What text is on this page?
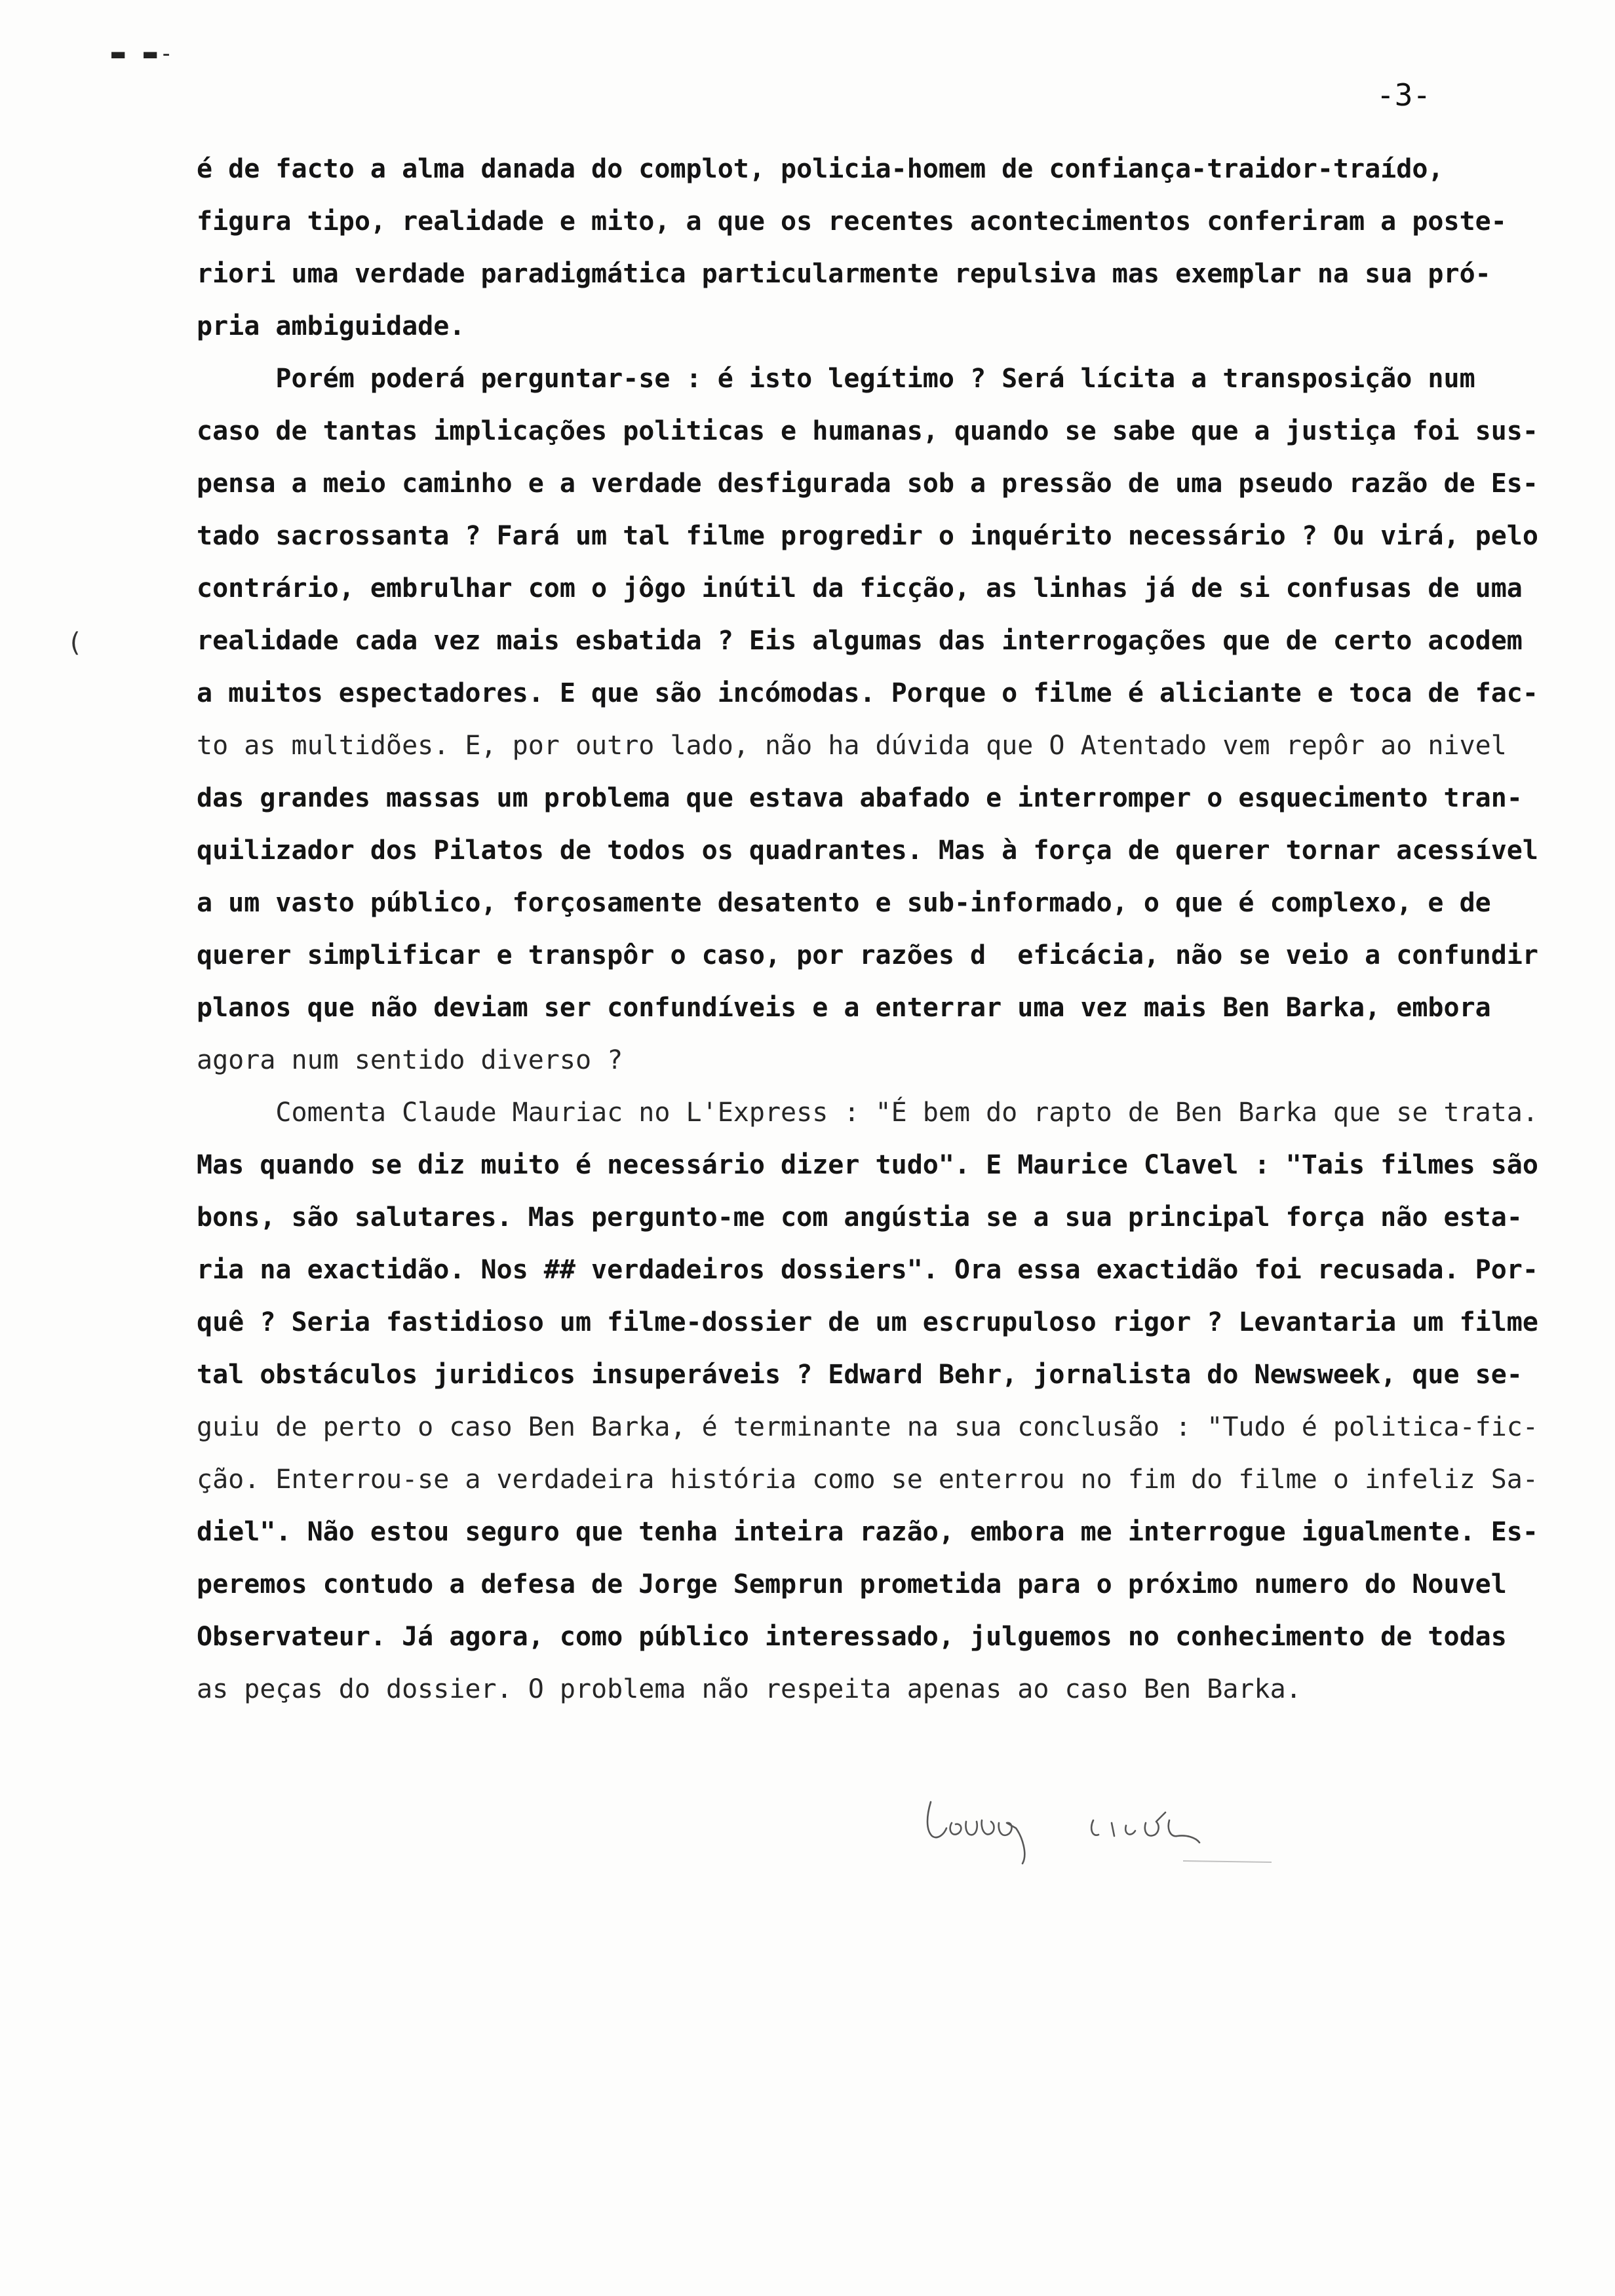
▬ ▬-
-3-
(
é de facto a alma danada do complot, policia-homem de confiança-traidor-traído,
figura tipo, realidade e mito, a que os recentes acontecimentos conferiram a poste-
riori uma verdade paradigmática particularmente repulsiva mas exemplar na sua pró-
pria ambiguidade.
Porém poderá perguntar-se : é isto legítimo ? Será lícita a transposição num
caso de tantas implicações politicas e humanas, quando se sabe que a justiça foi sus-
pensa a meio caminho e a verdade desfigurada sob a pressão de uma pseudo razão de Es-
tado sacrossanta ? Fará um tal filme progredir o inquérito necessário ? Ou virá, pelo
contrário, embrulhar com o jôgo inútil da ficção, as linhas já de si confusas de uma
realidade cada vez mais esbatida ? Eis algumas das interrogações que de certo acodem
a muitos espectadores. E que são incómodas. Porque o filme é aliciante e toca de fac-
to as multidões. E, por outro lado, não ha dúvida que O Atentado vem repôr ao nivel
das grandes massas um problema que estava abafado e interromper o esquecimento tran-
quilizador dos Pilatos de todos os quadrantes. Mas à força de querer tornar acessível
a um vasto público, forçosamente desatento e sub-informado, o que é complexo, e de
querer simplificar e transpôr o caso, por razões d  eficácia, não se veio a confundir
planos que não deviam ser confundíveis e a enterrar uma vez mais Ben Barka, embora
agora num sentido diverso ?
Comenta Claude Mauriac no L'Express : "É bem do rapto de Ben Barka que se trata.
Mas quando se diz muito é necessário dizer tudo". E Maurice Clavel : "Tais filmes são
bons, são salutares. Mas pergunto-me com angústia se a sua principal força não esta-
ria na exactidão. Nos ## verdadeiros dossiers". Ora essa exactidão foi recusada. Por-
quê ? Seria fastidioso um filme-dossier de um escrupuloso rigor ? Levantaria um filme
tal obstáculos juridicos insuperáveis ? Edward Behr, jornalista do Newsweek, que se-
guiu de perto o caso Ben Barka, é terminante na sua conclusão : "Tudo é politica-fic-
ção. Enterrou-se a verdadeira história como se enterrou no fim do filme o infeliz Sa-
diel". Não estou seguro que tenha inteira razão, embora me interrogue igualmente. Es-
peremos contudo a defesa de Jorge Semprun prometida para o próximo numero do Nouvel
Observateur. Já agora, como público interessado, julguemos no conhecimento de todas
as peças do dossier. O problema não respeita apenas ao caso Ben Barka.
